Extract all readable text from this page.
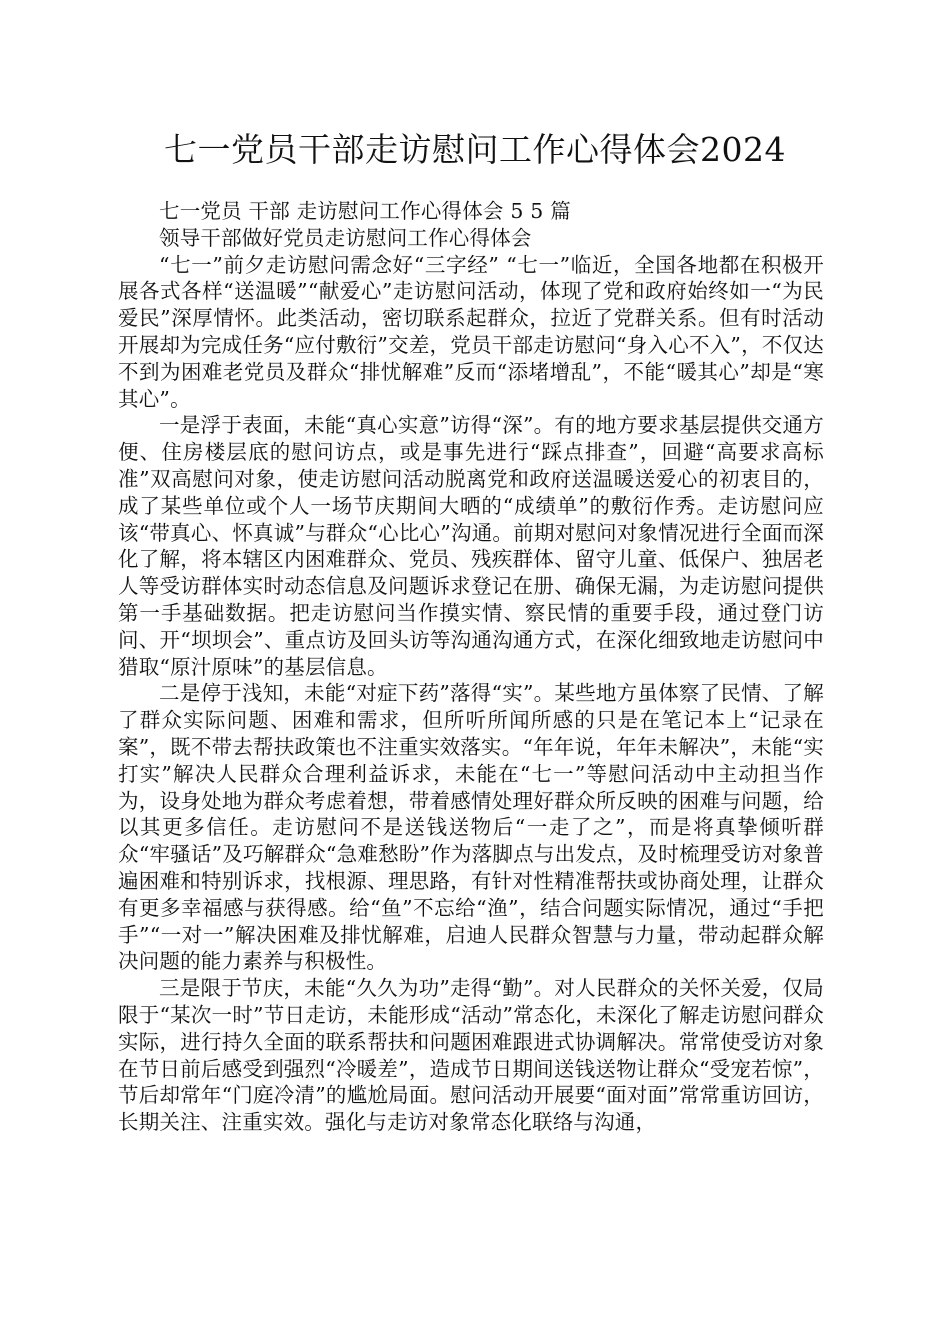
七一党员干部走访慰问工作心得体会2024

七一党员 干部 走访慰问工作心得体会 5 5 篇

领导干部做好党员走访慰问工作心得体会

“七一”前夕走访慰问需念好“三字经” “七一”临近，全国各地都在积极开展各式各样“送温暖”“献爱心”走访慰问活动，体现了党和政府始终如一“为民爱民”深厚情怀。此类活动，密切联系起群众，拉近了党群关系。但有时活动开展却为完成任务“应付敷衍”交差，党员干部走访慰问“身入心不入”，不仅达不到为困难老党员及群众“排忧解难”反而“添堵增乱”，不能“暖其心”却是“寒其心”。

一是浮于表面，未能“真心实意”访得“深”。有的地方要求基层提供交通方便、住房楼层底的慰问访点，或是事先进行“踩点排查”，回避“高要求高标准”双高慰问对象，使走访慰问活动脱离党和政府送温暖送爱心的初衷目的，成了某些单位或个人一场节庆期间大晒的“成绩单”的敷衍作秀。走访慰问应该“带真心、怀真诚”与群众“心比心”沟通。前期对慰问对象情况进行全面而深化了解，将本辖区内困难群众、党员、残疾群体、留守儿童、低保户、独居老人等受访群体实时动态信息及问题诉求登记在册、确保无漏，为走访慰问提供第一手基础数据。把走访慰问当作摸实情、察民情的重要手段，通过登门访问、开“坝坝会”、重点访及回头访等沟通沟通方式，在深化细致地走访慰问中猎取“原汁原味”的基层信息。

二是停于浅知，未能“对症下药”落得“实”。某些地方虽体察了民情、了解了群众实际问题、困难和需求，但所听所闻所感的只是在笔记本上“记录在案”，既不带去帮扶政策也不注重实效落实。“年年说，年年未解决”，未能“实打实”解决人民群众合理利益诉求，未能在“七一”等慰问活动中主动担当作为，设身处地为群众考虑着想，带着感情处理好群众所反映的困难与问题，给以其更多信任。走访慰问不是送钱送物后“一走了之”，而是将真挚倾听群众“牢骚话”及巧解群众“急难愁盼”作为落脚点与出发点，及时梳理受访对象普遍困难和特别诉求，找根源、理思路，有针对性精准帮扶或协商处理，让群众有更多幸福感与获得感。给“鱼”不忘给“渔”，结合问题实际情况，通过“手把手”“一对一”解决困难及排忧解难，启迪人民群众智慧与力量，带动起群众解决问题的能力素养与积极性。

三是限于节庆，未能“久久为功”走得“勤”。对人民群众的关怀关爱，仅局限于“某次一时”节日走访，未能形成“活动”常态化，未深化了解走访慰问群众实际，进行持久全面的联系帮扶和问题困难跟进式协调解决。常常使受访对象在节日前后感受到强烈“冷暖差”，造成节日期间送钱送物让群众“受宠若惊”，节后却常年“门庭冷清”的尴尬局面。慰问活动开展要“面对面”常常重访回访，长期关注、注重实效。强化与走访对象常态化联络与沟通，
